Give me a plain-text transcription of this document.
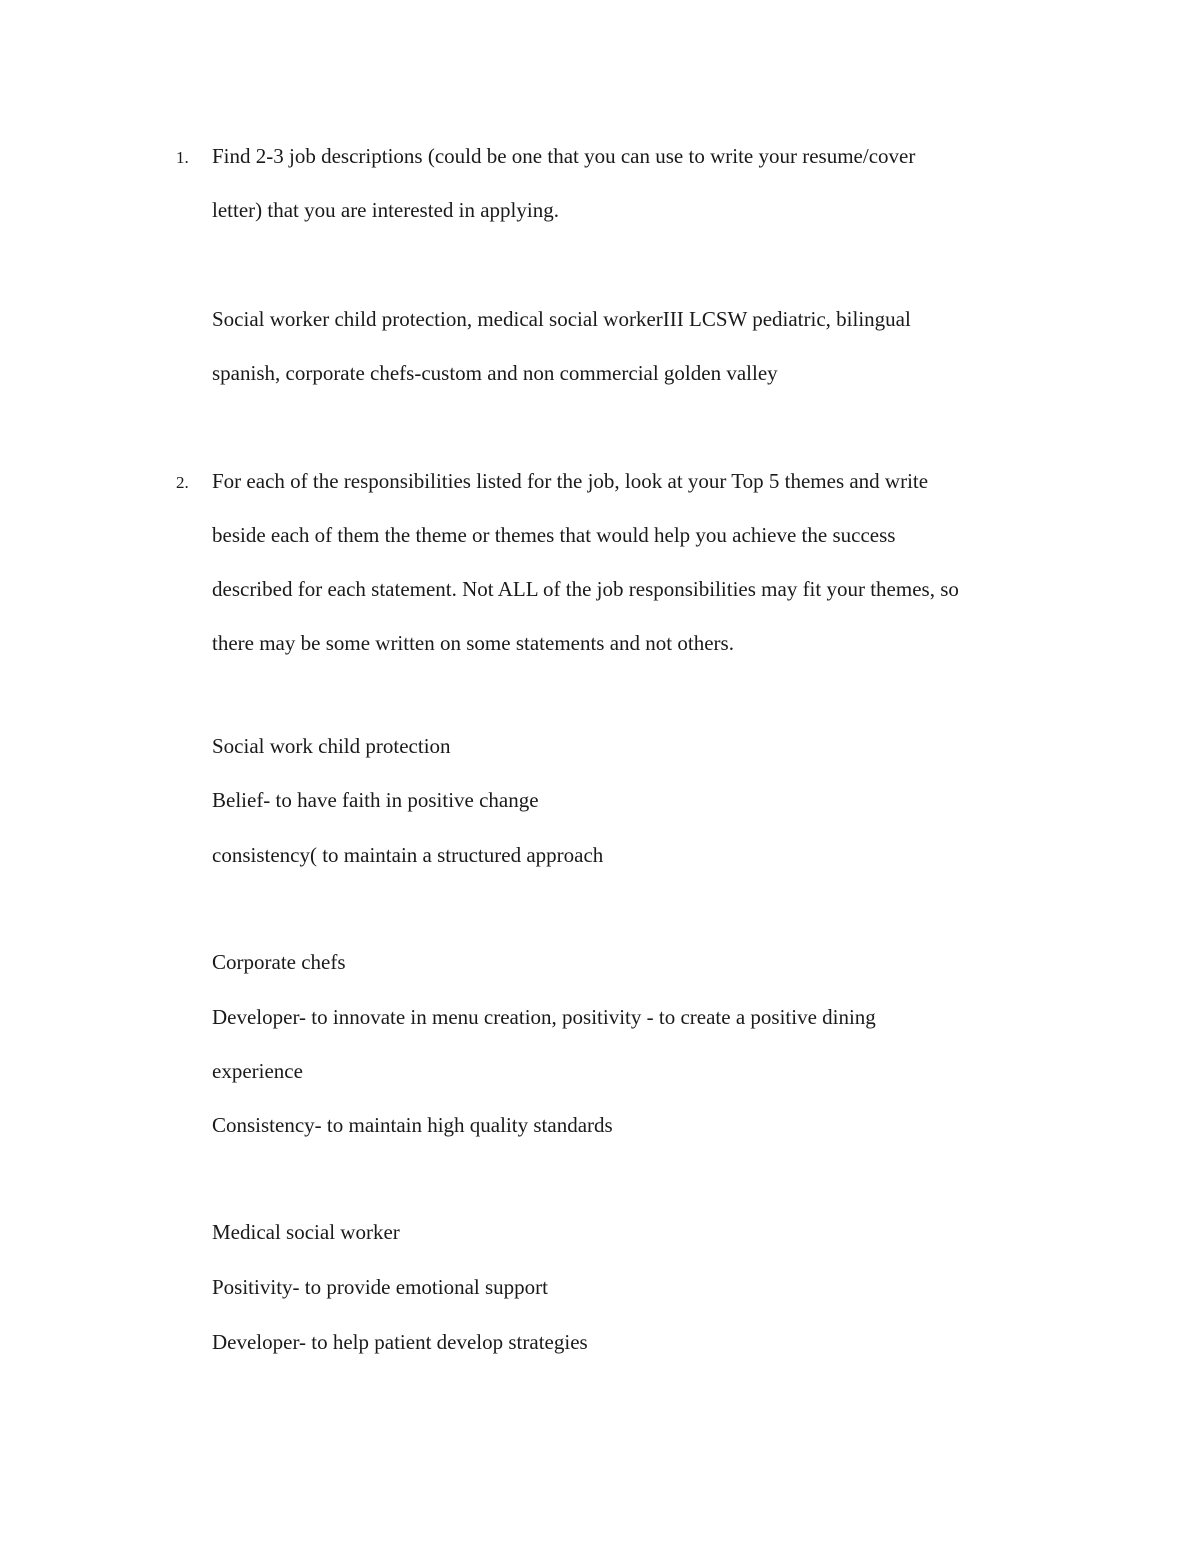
1. Find 2-3 job descriptions (could be one that you can use to write your resume/cover
letter) that you are interested in applying.
Social worker child protection, medical social workerIII LCSW pediatric, bilingual
spanish, corporate chefs-custom and non commercial golden valley
2. For each of the responsibilities listed for the job, look at your Top 5 themes and write
beside each of them the theme or themes that would help you achieve the success
described for each statement. Not ALL of the job responsibilities may fit your themes, so
there may be some written on some statements and not others.
Social work child protection
Belief- to have faith in positive change
consistency( to maintain a structured approach
Corporate chefs
Developer- to innovate in menu creation, positivity - to create a positive dining
experience
Consistency- to maintain high quality standards
Medical social worker
Positivity- to provide emotional support
Developer- to help patient develop strategies
